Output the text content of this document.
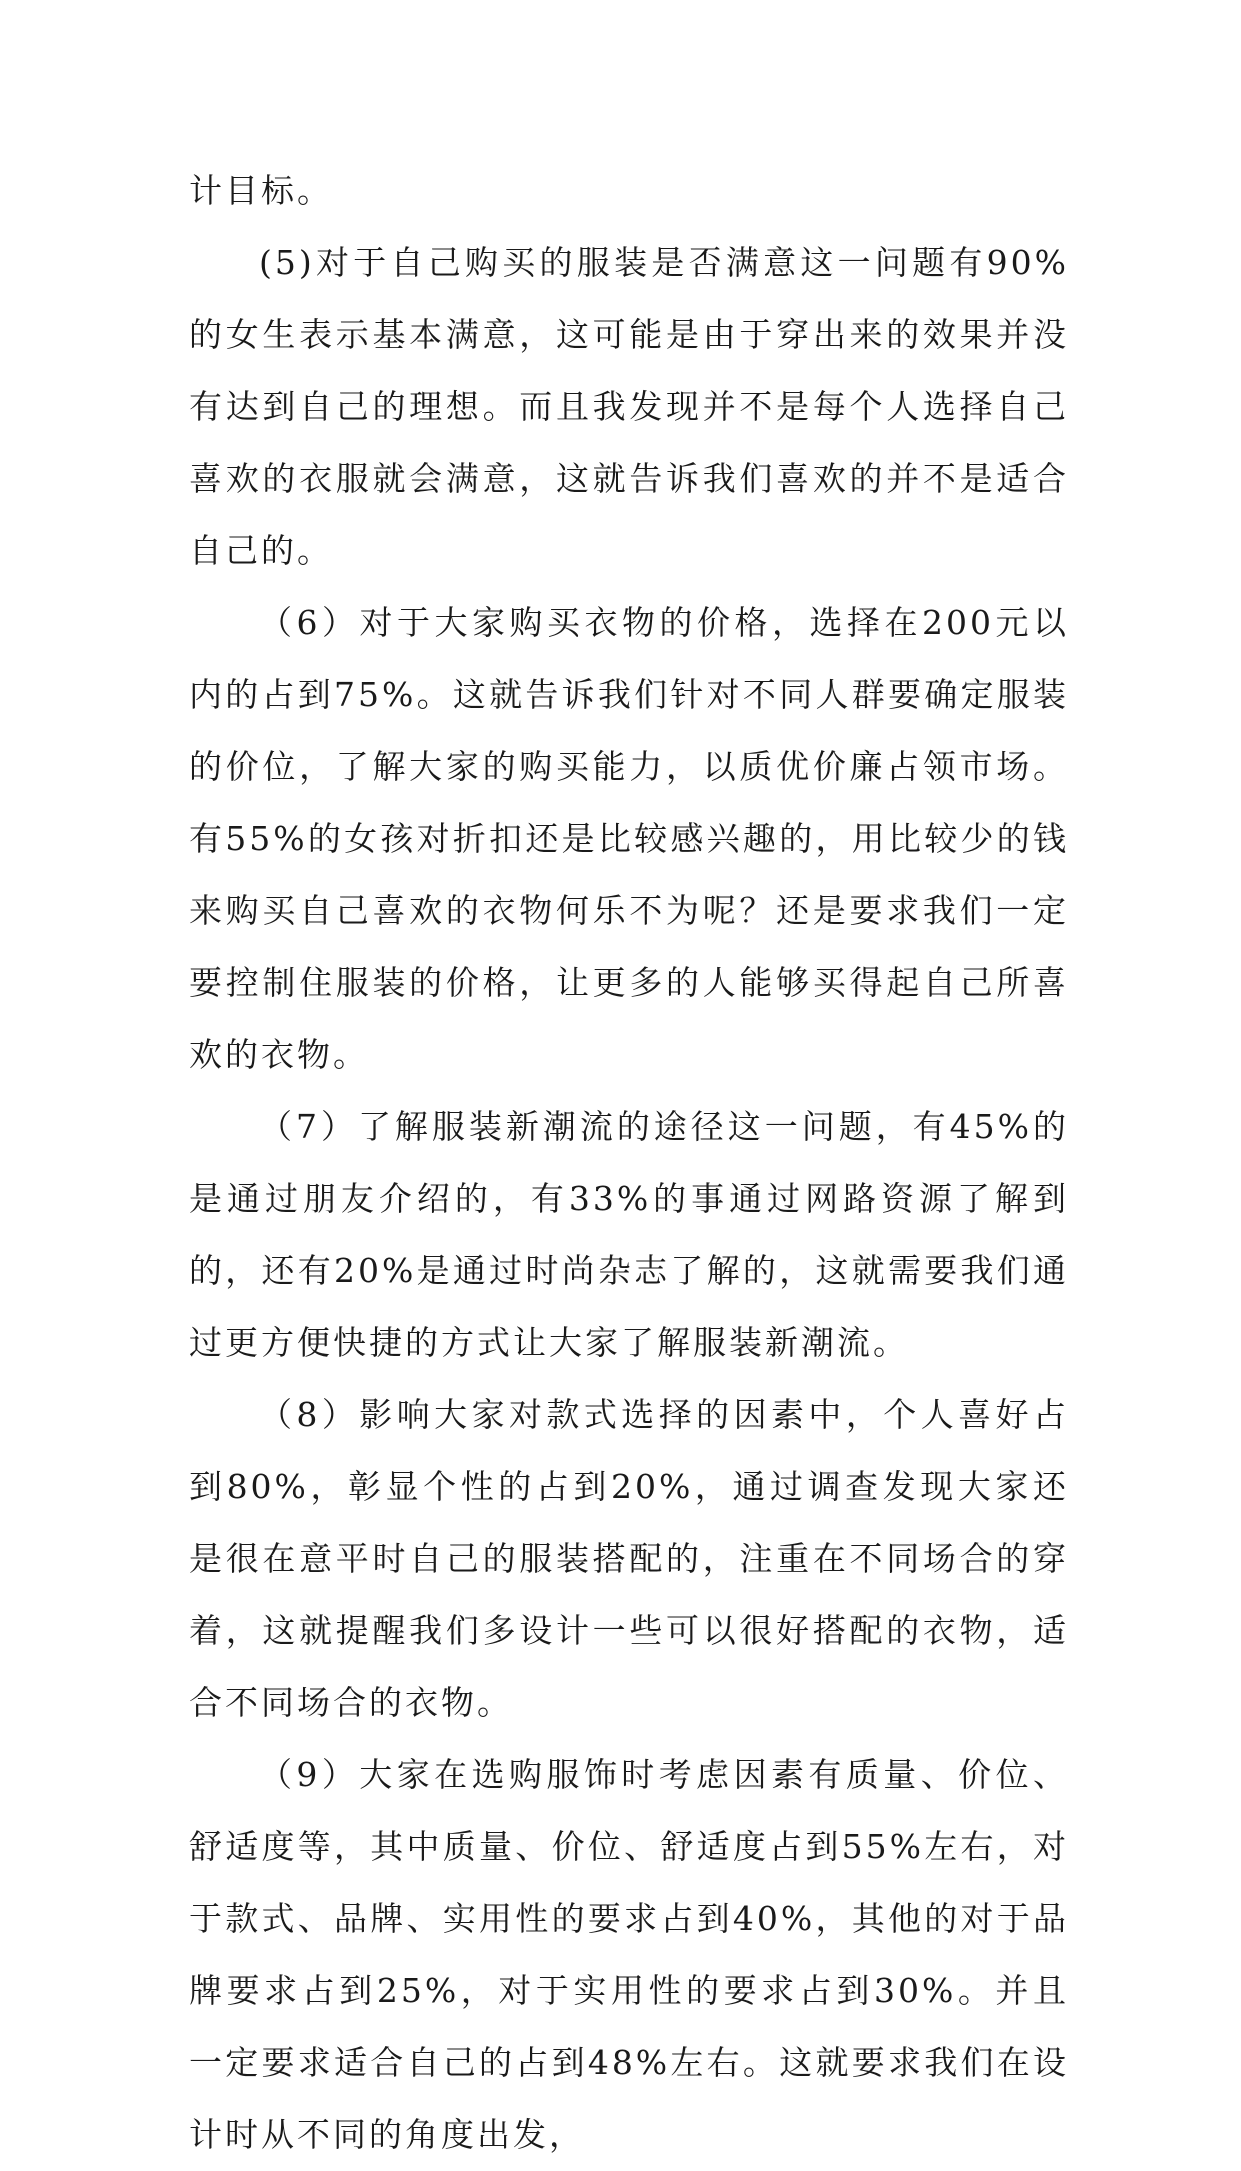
计目标。

(5)对于自己购买的服装是否满意这一问题有90%的女生表示基本满意，这可能是由于穿出来的效果并没有达到自己的理想。而且我发现并不是每个人选择自己喜欢的衣服就会满意，这就告诉我们喜欢的并不是适合自己的。

（6）对于大家购买衣物的价格，选择在200元以内的占到75%。这就告诉我们针对不同人群要确定服装的价位，了解大家的购买能力，以质优价廉占领市场。有55%的女孩对折扣还是比较感兴趣的，用比较少的钱来购买自己喜欢的衣物何乐不为呢？还是要求我们一定要控制住服装的价格，让更多的人能够买得起自己所喜欢的衣物。

（7）了解服装新潮流的途径这一问题，有45%的是通过朋友介绍的，有33%的事通过网路资源了解到的，还有20%是通过时尚杂志了解的，这就需要我们通过更方便快捷的方式让大家了解服装新潮流。

（8）影响大家对款式选择的因素中，个人喜好占到80%，彰显个性的占到20%，通过调查发现大家还是很在意平时自己的服装搭配的，注重在不同场合的穿着，这就提醒我们多设计一些可以很好搭配的衣物，适合不同场合的衣物。

（9）大家在选购服饰时考虑因素有质量、价位、舒适度等，其中质量、价位、舒适度占到55%左右，对于款式、品牌、实用性的要求占到40%，其他的对于品牌要求占到25%，对于实用性的要求占到30%。并且一定要求适合自己的占到48%左右。这就要求我们在设计时从不同的角度出发，
